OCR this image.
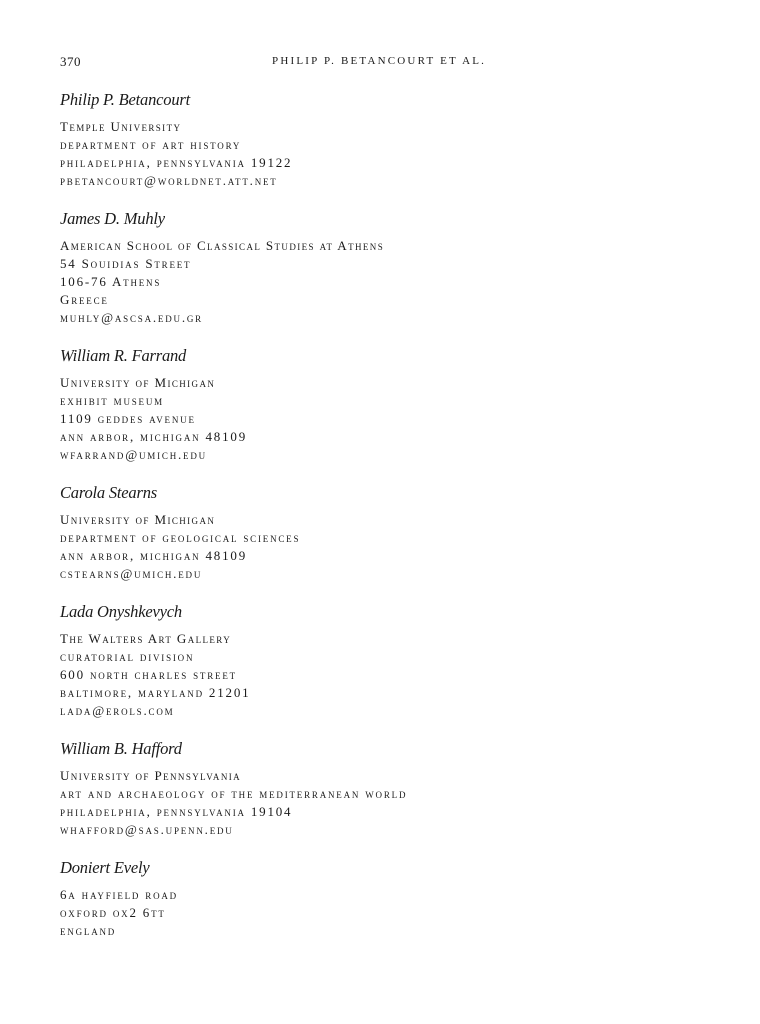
370	PHILIP P. BETANCOURT ET AL.
Philip P. Betancourt
Temple University
department of art history
philadelphia, pennsylvania 19122
pbetancourt@worldnet.att.net
James D. Muhly
American School of Classical Studies at Athens
54 Souidias Street
106-76 Athens
Greece
muhly@ascsa.edu.gr
William R. Farrand
University of Michigan
exhibit museum
1109 geddes avenue
ann arbor, michigan 48109
wfarrand@umich.edu
Carola Stearns
University of Michigan
department of geological sciences
ann arbor, michigan 48109
cstearns@umich.edu
Lada Onyshkevych
The Walters Art Gallery
curatorial division
600 north charles street
baltimore, maryland 21201
lada@erols.com
William B. Hafford
University of Pennsylvania
art and archaeology of the mediterranean world
philadelphia, pennsylvania 19104
whafford@sas.upenn.edu
Doniert Evely
6a hayfield road
oxford ox2 6tt
england
